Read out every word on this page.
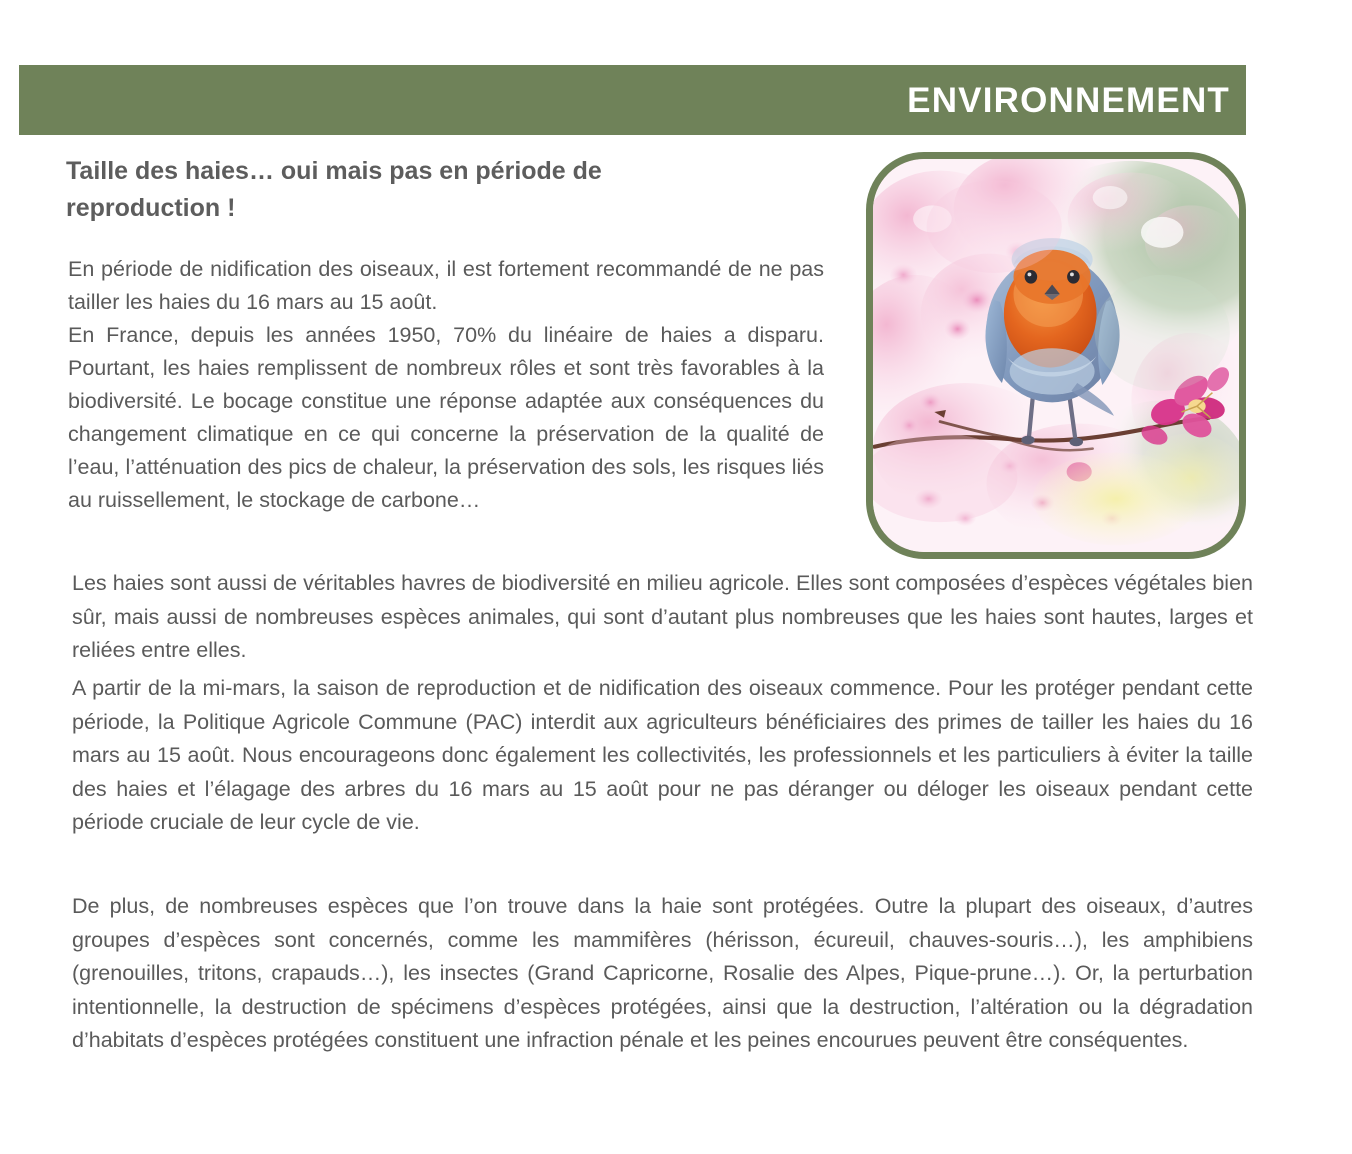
ENVIRONNEMENT
Taille des haies… oui mais pas en période de reproduction !
En période de nidification des oiseaux, il est fortement recommandé de ne pas tailler les haies du 16 mars au 15 août.
En France, depuis les années 1950, 70% du linéaire de haies a disparu. Pourtant, les haies remplissent de nombreux rôles et sont très favorables à la biodiversité. Le bocage constitue une réponse adaptée aux conséquences du changement climatique en ce qui concerne la préservation de la qualité de l’eau, l’atténuation des pics de chaleur, la préservation des sols, les risques liés au ruissellement, le stockage de carbone…

Les haies sont aussi de véritables havres de biodiversité en milieu agricole. Elles sont composées d’espèces végétales bien sûr, mais aussi de nombreuses espèces animales, qui sont d’autant plus nombreuses que les haies sont hautes, larges et reliées entre elles.

A partir de la mi-mars, la saison de reproduction et de nidification des oiseaux commence. Pour les protéger pendant cette période, la Politique Agricole Commune (PAC) interdit aux agriculteurs bénéficiaires des primes de tailler les haies du 16 mars au 15 août. Nous encourageons donc également les collectivités, les professionnels et les particuliers à éviter la taille des haies et l’élagage des arbres du 16 mars au 15 août pour ne pas déranger ou déloger les oiseaux pendant cette période cruciale de leur cycle de vie.

De plus, de nombreuses espèces que l’on trouve dans la haie sont protégées. Outre la plupart des oiseaux, d’autres groupes d’espèces sont concernés, comme les mammifères (hérisson, écureuil, chauves-souris…), les amphibiens (grenouilles, tritons, crapauds…), les insectes (Grand Capricorne, Rosalie des Alpes, Pique-prune…). Or, la perturbation intentionnelle, la destruction de spécimens d’espèces protégées, ainsi que la destruction, l’altération ou la dégradation d’habitats d’espèces protégées constituent une infraction pénale et les peines encourues peuvent être conséquentes.
